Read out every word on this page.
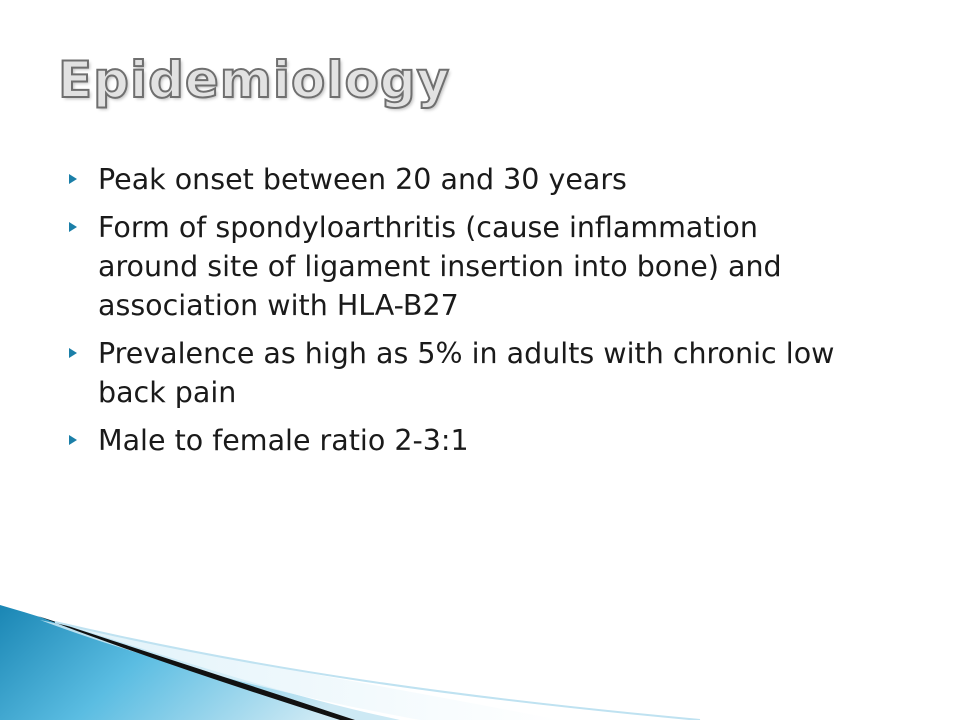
Epidemiology
Peak onset between 20 and 30 years
Form of spondyloarthritis (cause inflammation around site of ligament insertion into bone) and association with HLA-B27
Prevalence as high as 5% in adults with chronic low back pain
Male to female ratio 2-3:1
